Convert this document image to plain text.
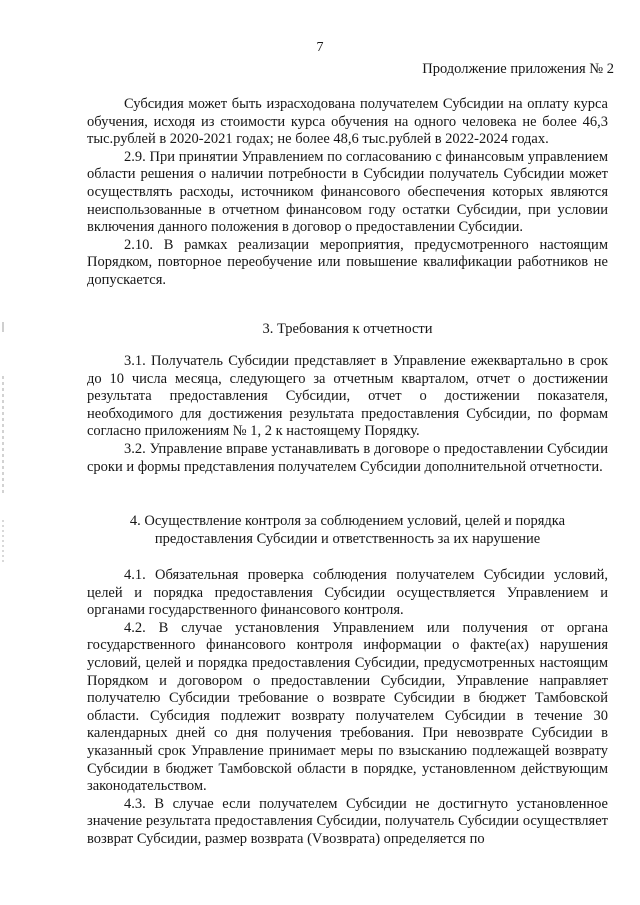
7
Продолжение приложения № 2

Субсидия может быть израсходована получателем Субсидии на оплату курса обучения, исходя из стоимости курса обучения на одного человека не более 46,3 тыс.рублей в 2020-2021 годах; не более 48,6 тыс.рублей в 2022-2024 годах.

2.9. При принятии Управлением по согласованию с финансовым управлением области решения о наличии потребности в Субсидии получатель Субсидии может осуществлять расходы, источником финансового обеспечения которых являются неиспользованные в отчетном финансовом году остатки Субсидии, при условии включения данного положения в договор о предоставлении Субсидии.

2.10. В рамках реализации мероприятия, предусмотренного настоящим Порядком, повторное переобучение или повышение квалификации работников не допускается.

3. Требования к отчетности

3.1. Получатель Субсидии представляет в Управление ежеквартально в срок до 10 числа месяца, следующего за отчетным кварталом, отчет о достижении результата предоставления Субсидии, отчет о достижении показателя, необходимого для достижения результата предоставления Субсидии, по формам согласно приложениям № 1, 2 к настоящему Порядку.

3.2. Управление вправе устанавливать в договоре о предоставлении Субсидии сроки и формы представления получателем Субсидии дополнительной отчетности.

4. Осуществление контроля за соблюдением условий, целей и порядка
предоставления Субсидии и ответственность за их нарушение

4.1. Обязательная проверка соблюдения получателем Субсидии условий, целей и порядка предоставления Субсидии осуществляется Управлением и органами государственного финансового контроля.

4.2. В случае установления Управлением или получения от органа государственного финансового контроля информации о факте(ах) нарушения условий, целей и порядка предоставления Субсидии, предусмотренных настоящим Порядком и договором о предоставлении Субсидии, Управление направляет получателю Субсидии требование о возврате Субсидии в бюджет Тамбовской области. Субсидия подлежит возврату получателем Субсидии в течение 30 календарных дней со дня получения требования. При невозврате Субсидии в указанный срок Управление принимает меры по взысканию подлежащей возврату Субсидии в бюджет Тамбовской области в порядке, установленном действующим законодательством.

4.3. В случае если получателем Субсидии не достигнуто установленное значение результата предоставления Субсидии, получатель Субсидии осуществляет возврат Субсидии, размер возврата (Vвозврата) определяется по
